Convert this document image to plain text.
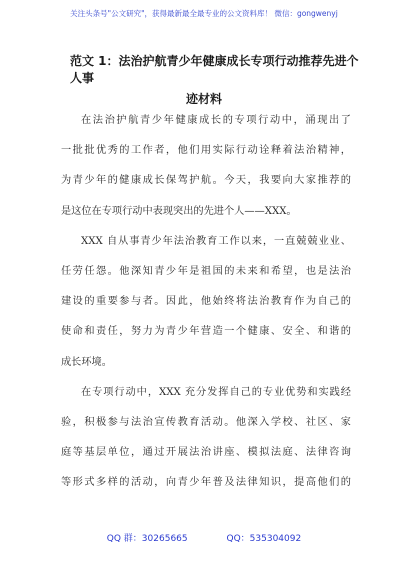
关注头条号"公文研究"，获得最新最全最专业的公文资料库！ 微信：gongwenyj
范文 1：法治护航青少年健康成长专项行动推荐先进个人事
迹材料
在法治护航青少年健康成长的专项行动中，涌现出了
一批批优秀的工作者，他们用实际行动诠释着法治精神，
为青少年的健康成长保驾护航。今天，我要向大家推荐的
是这位在专项行动中表现突出的先进个人——XXX。
XXX 自从事青少年法治教育工作以来，一直兢兢业业、
任劳任怨。他深知青少年是祖国的未来和希望，也是法治
建设的重要参与者。因此，他始终将法治教育作为自己的
使命和责任，努力为青少年营造一个健康、安全、和谐的
成长环境。
在专项行动中，XXX 充分发挥自己的专业优势和实践经
验，积极参与法治宣传教育活动。他深入学校、社区、家
庭等基层单位，通过开展法治讲座、模拟法庭、法律咨询
等形式多样的活动，向青少年普及法律知识，提高他们的
QQ 群：30265665	QQ：535304092
